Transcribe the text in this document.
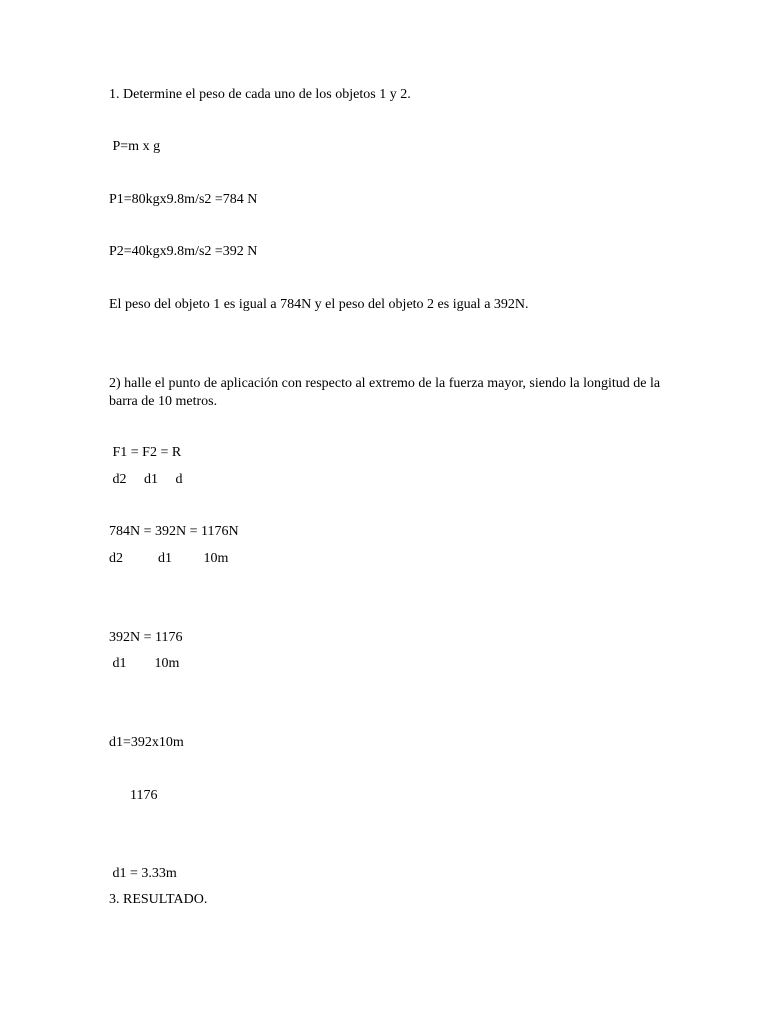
1. Determine el peso de cada uno de los objetos 1 y 2.
P=m x g
P1=80kgx9.8m/s2 =784 N
P2=40kgx9.8m/s2 =392 N
El peso del objeto 1 es igual a 784N y el peso del objeto 2 es igual a 392N.
2) halle el punto de aplicación con respecto al extremo de la fuerza mayor, siendo la longitud de la barra de 10 metros.
F1 = F2 = R
d2     d1     d
784N = 392N = 1176N
d2          d1         10m
392N = 1176
d1        10m
d1=392x10m
1176
d1 = 3.33m
3. RESULTADO.
